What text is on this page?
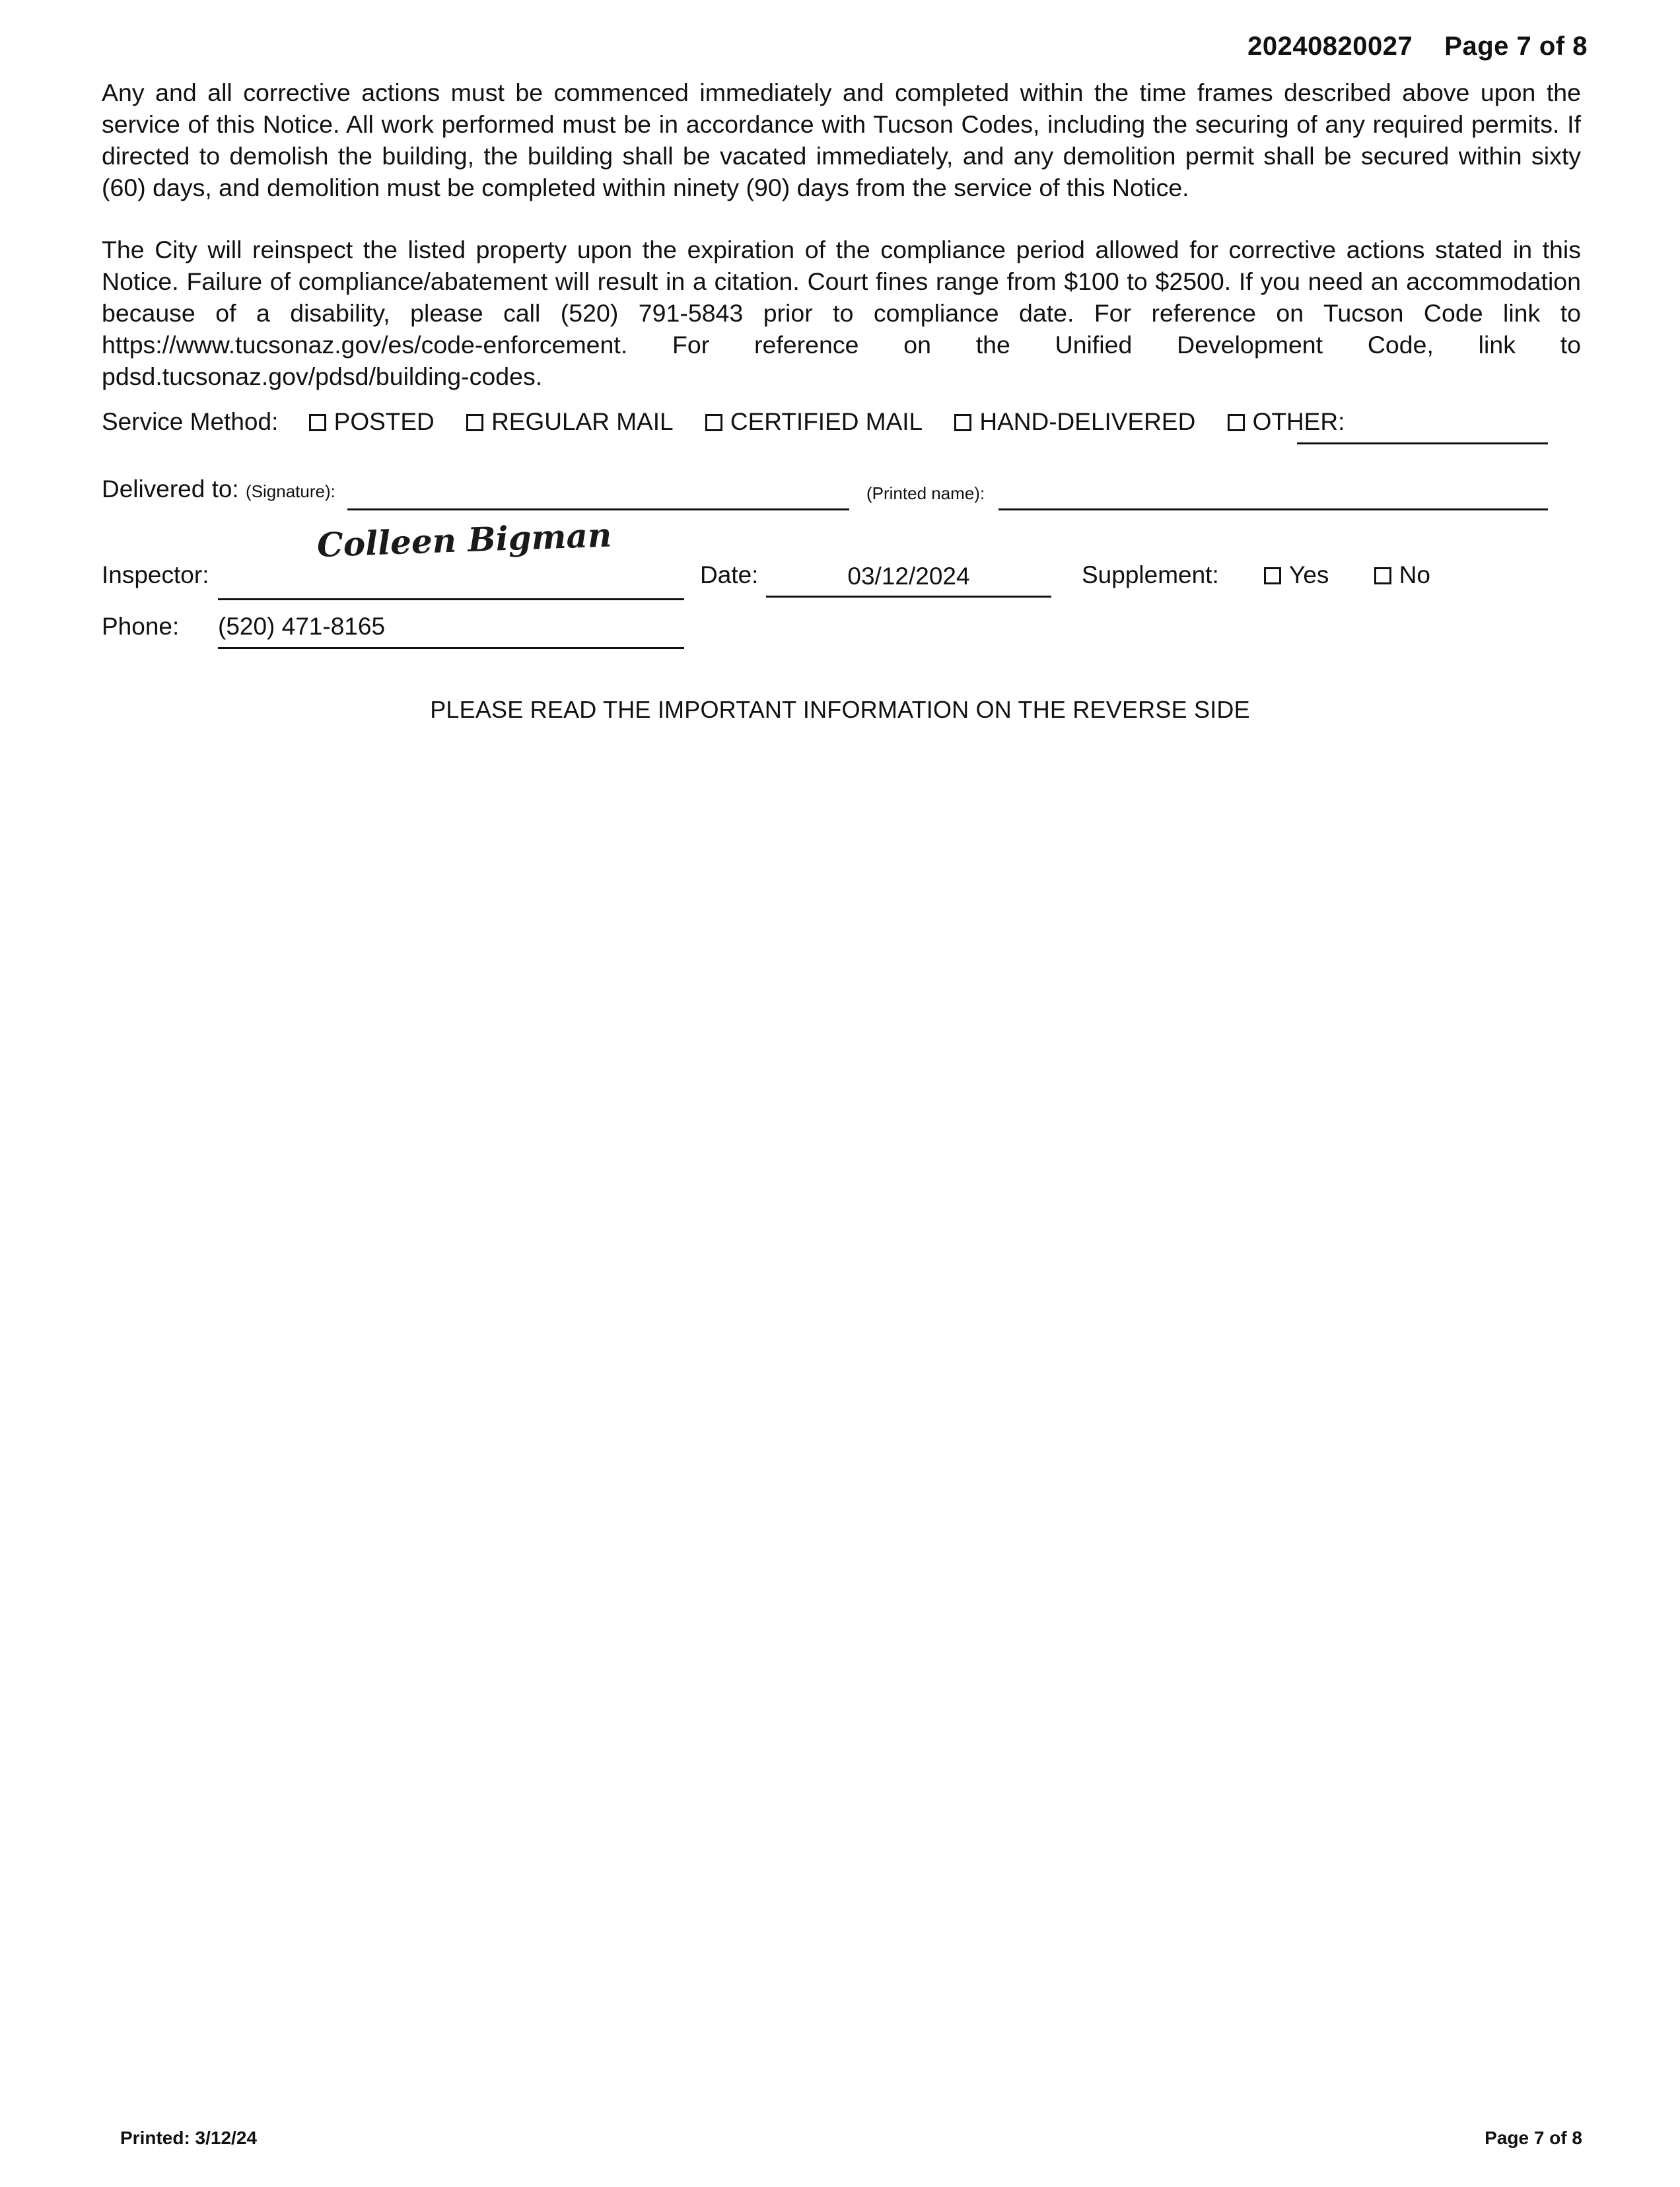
20240820027 Page 7 of 8
Any and all corrective actions must be commenced immediately and completed within the time frames described above upon the service of this Notice. All work performed must be in accordance with Tucson Codes, including the securing of any required permits. If directed to demolish the building, the building shall be vacated immediately, and any demolition permit shall be secured within sixty (60) days, and demolition must be completed within ninety (90) days from the service of this Notice.
The City will reinspect the listed property upon the expiration of the compliance period allowed for corrective actions stated in this Notice. Failure of compliance/abatement will result in a citation. Court fines range from $100 to $2500. If you need an accommodation because of a disability, please call (520) 791-5843 prior to compliance date. For reference on Tucson Code link to https://www.tucsonaz.gov/es/code-enforcement. For reference on the Unified Development Code, link to pdsd.tucsonaz.gov/pdsd/building-codes.
Service Method: POSTED REGULAR MAIL CERTIFIED MAIL HAND-DELIVERED OTHER:
Delivered to: (Signature):	(Printed name):
Inspector:
Colleen Bigman
Date:	03/12/2024	Supplement:	Yes	No
Phone: (520) 471-8165
PLEASE READ THE IMPORTANT INFORMATION ON THE REVERSE SIDE
Printed: 3/12/24	Page 7 of 8
